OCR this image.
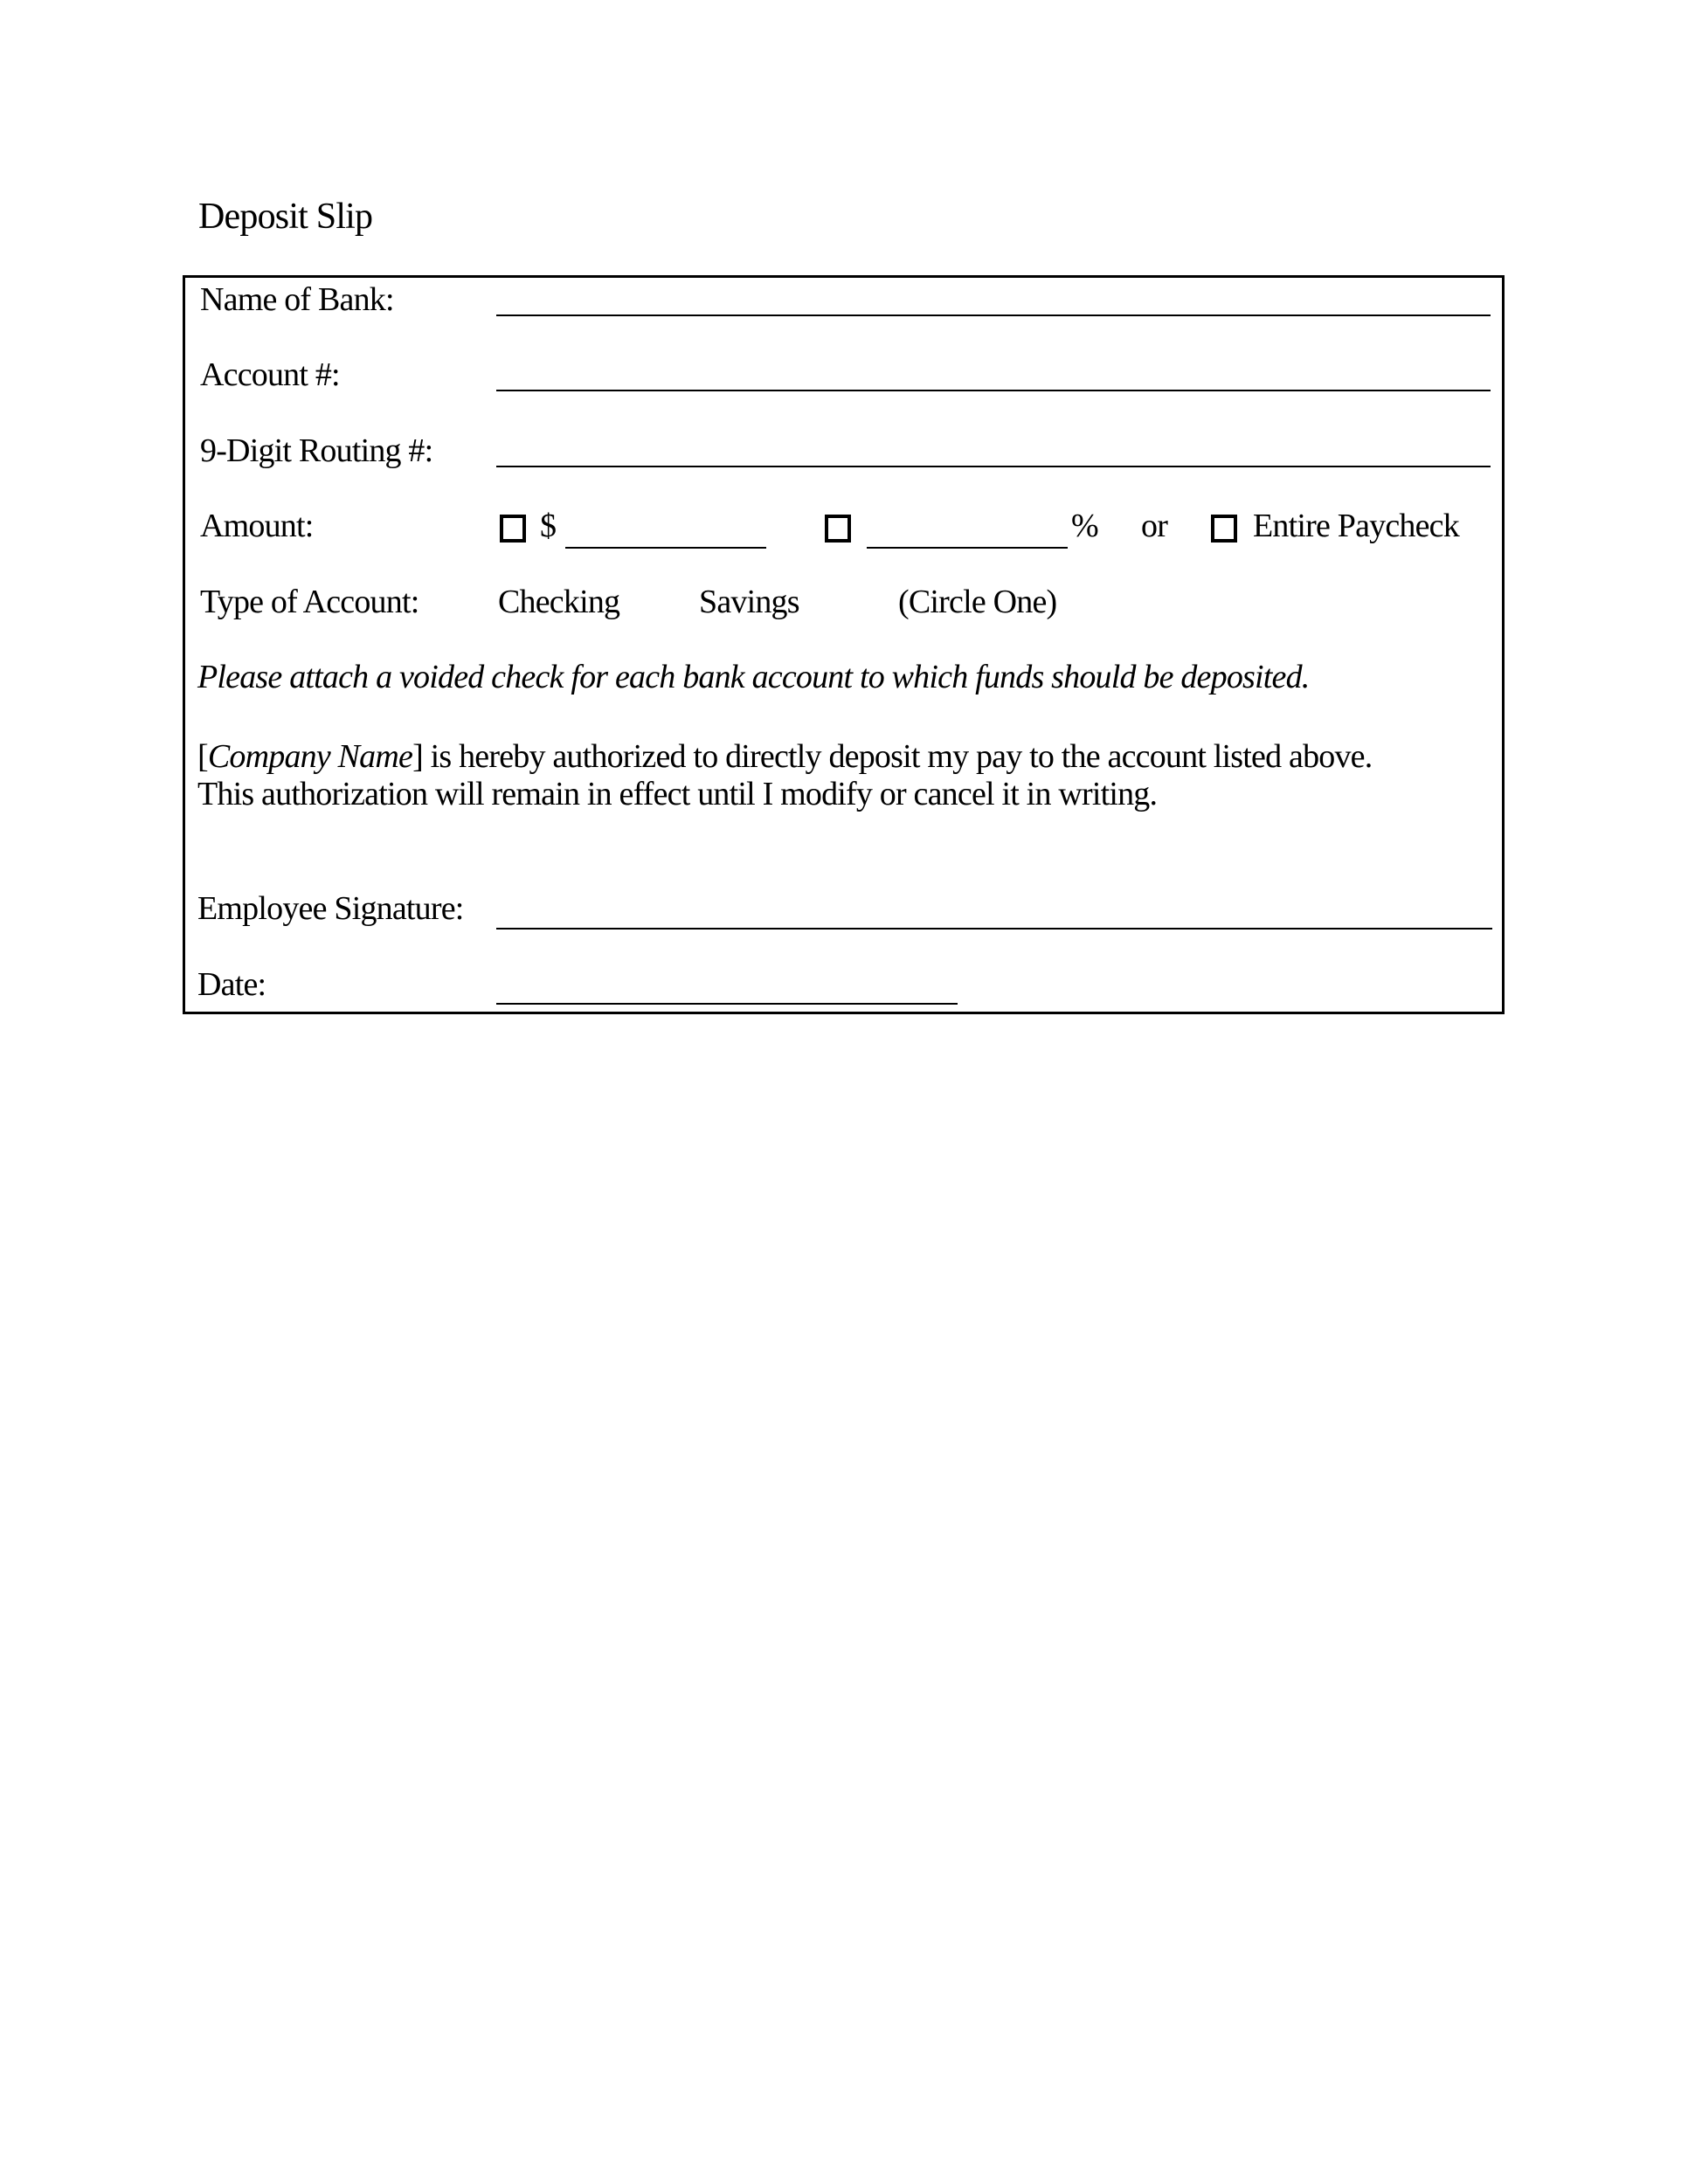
Deposit Slip
Name of Bank:
Account #:
9-Digit Routing #:
Amount:	$	% or	Entire Paycheck
Type of Account: Checking Savings	(Circle One)
Please attach a voided check for each bank account to which funds should be deposited.
[Company Name] is hereby authorized to directly deposit my pay to the account listed above.
This authorization will remain in effect until I modify or cancel it in writing.
Employee Signature:
Date:
